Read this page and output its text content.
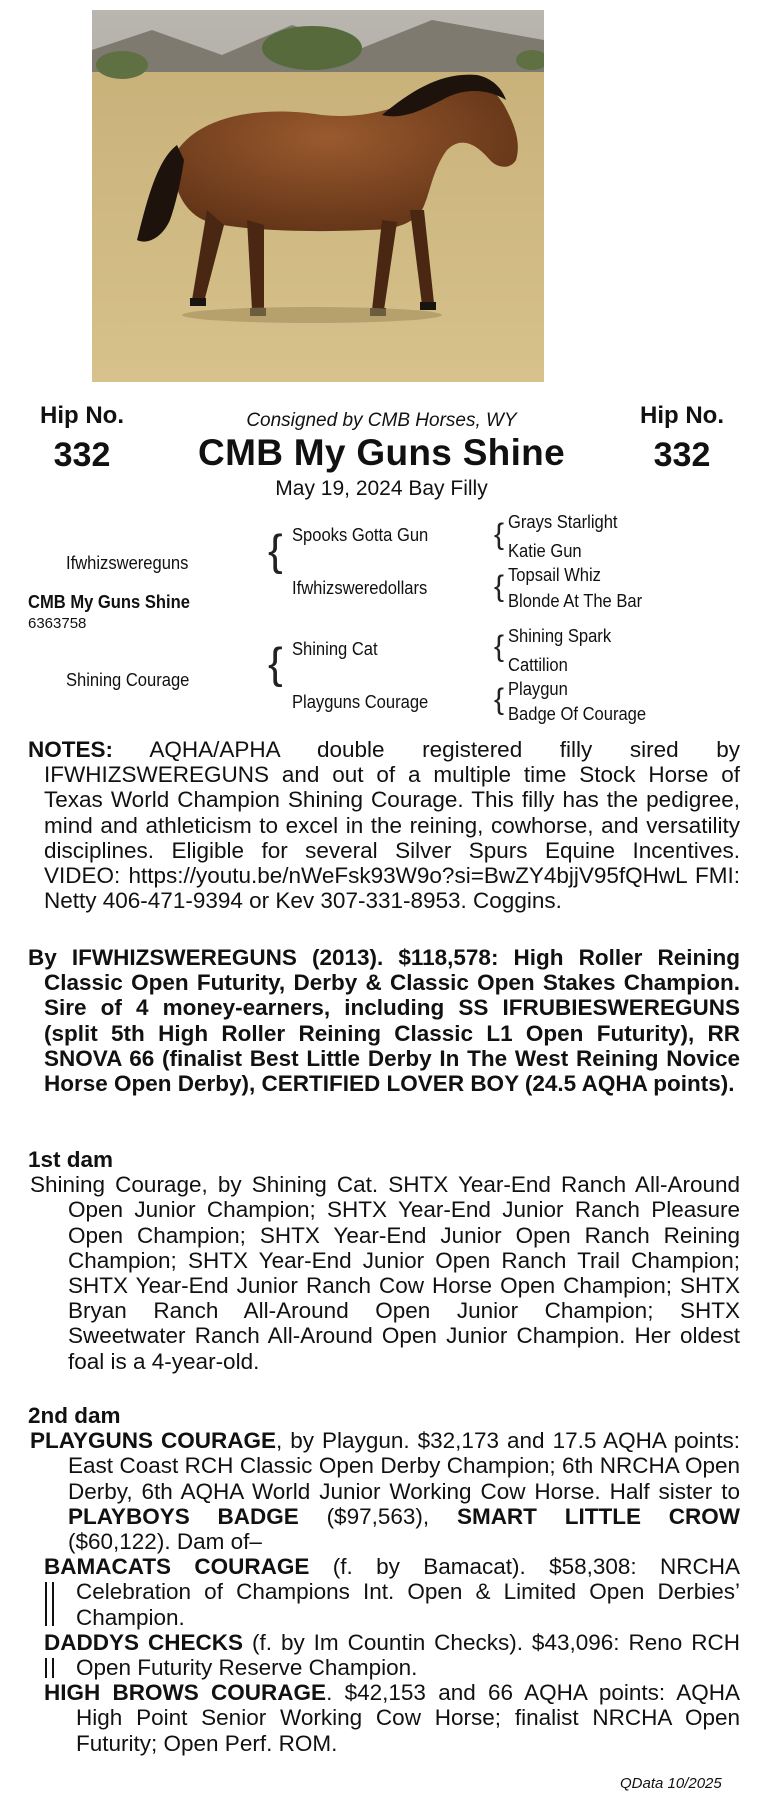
Hip No.
332
Hip No.
332
Consigned by CMB Horses, WY
CMB My Guns Shine
May 19, 2024 Bay Filly
Ifwhizswereguns
CMB My Guns Shine
6363758
Shining Courage
{ Spooks Gotta Gun
Ifwhizsweredollars
{ Shining Cat
Playguns Courage
{ Grays Starlight
Katie Gun
{ Topsail Whiz
Blonde At The Bar
{ Shining Spark
Cattilion
{ Playgun
Badge Of Courage

NOTES: AQHA/APHA double registered filly sired by IFWHIZSWEREGUNS and out of a multiple time Stock Horse of Texas World Champion Shining Courage. This filly has the pedigree, mind and athleticism to excel in the reining, cowhorse, and versatility disciplines. Eligible for several Silver Spurs Equine Incentives. VIDEO: https://youtu.be/nWeFsk93W9o?si=BwZY4bjjV95fQHwL FMI: Netty 406-471-9394 or Kev 307-331-8953. Coggins.

By IFWHIZSWEREGUNS (2013). $118,578: High Roller Reining Classic Open Futurity, Derby & Classic Open Stakes Champion. Sire of 4 money-earners, including SS IFRUBIESWEREGUNS (split 5th High Roller Reining Classic L1 Open Futurity), RR SNOVA 66 (finalist Best Little Derby In The West Reining Novice Horse Open Derby), CERTIFIED LOVER BOY (24.5 AQHA points).

1st dam

Shining Courage, by Shining Cat. SHTX Year-End Ranch All-Around Open Junior Champion; SHTX Year-End Junior Ranch Pleasure Open Champion; SHTX Year-End Junior Open Ranch Reining Champion; SHTX Year-End Junior Open Ranch Trail Champion; SHTX Year-End Junior Ranch Cow Horse Open Champion; SHTX Bryan Ranch All-Around Open Junior Champion; SHTX Sweetwater Ranch All-Around Open Junior Champion. Her oldest foal is a 4-year-old.

2nd dam

PLAYGUNS COURAGE, by Playgun. $32,173 and 17.5 AQHA points: East Coast RCH Classic Open Derby Champion; 6th NRCHA Open Derby, 6th AQHA World Junior Working Cow Horse. Half sister to PLAYBOYS BADGE ($97,563), SMART LITTLE CROW ($60,122). Dam of–

BAMACATS COURAGE (f. by Bamacat). $58,308: NRCHA Celebration of Champions Int. Open & Limited Open Derbies’ Champion.

DADDYS CHECKS (f. by Im Countin Checks). $43,096: Reno RCH Open Futurity Reserve Champion.

HIGH BROWS COURAGE. $42,153 and 66 AQHA points: AQHA High Point Senior Working Cow Horse; finalist NRCHA Open Futurity; Open Perf. ROM.

QData 10/2025
